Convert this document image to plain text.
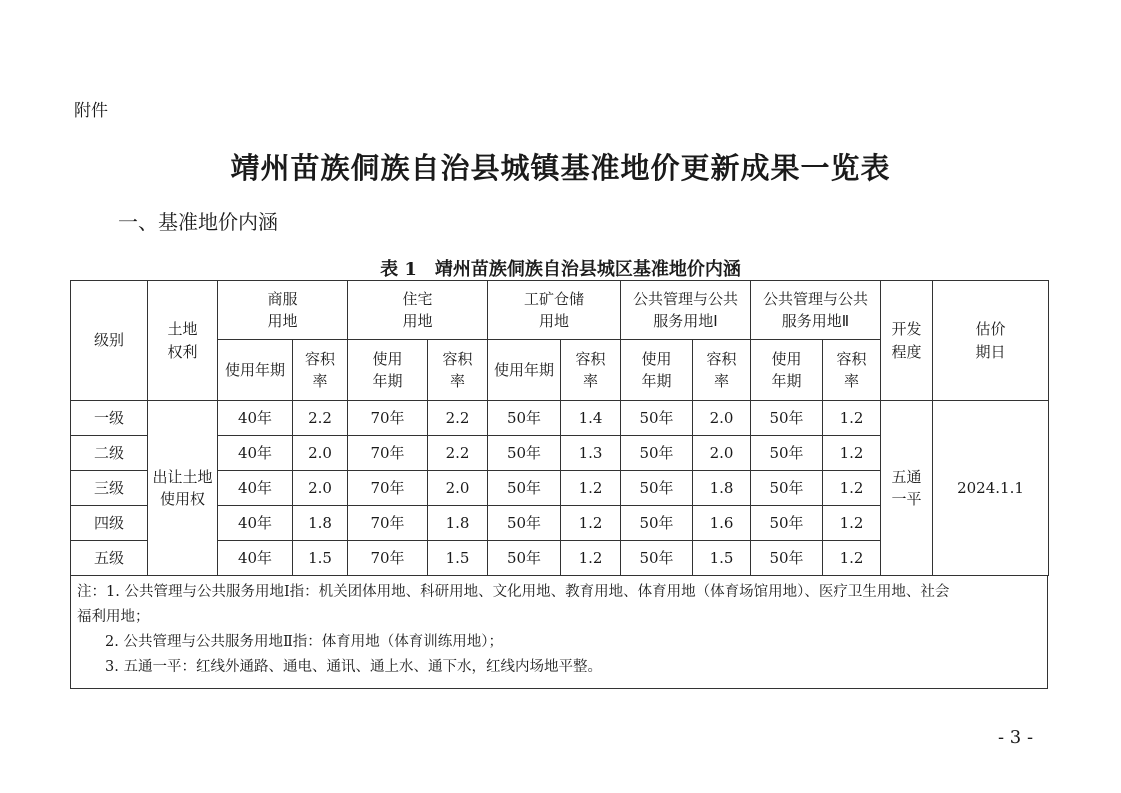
附件
靖州苗族侗族自治县城镇基准地价更新成果一览表
一、基准地价内涵
表 1　靖州苗族侗族自治县城区基准地价内涵
级别	土地权利	商服用地		住宅用地		工矿仓储用地		公共管理与公共服务用地Ⅰ		公共管理与公共服务用地Ⅱ		开发程度	估价期日

		使用年期	容积率	使用年期	容积率	使用年期	容积率	使用年期	容积率	使用年期	容积率		

一级	出让土地使用权	40年	2.2	70年	2.2	50年	1.4	50年	2.0	50年	1.2	五通一平	2024.1.1
二级		40年	2.0	70年	2.2	50年	1.3	50年	2.0	50年	1.2		
三级		40年	2.0	70年	2.0	50年	1.2	50年	1.8	50年	1.2		
四级		40年	1.8	70年	1.8	50年	1.2	50年	1.6	50年	1.2		
五级		40年	1.5	70年	1.5	50年	1.2	50年	1.5	50年	1.2		
注：1. 公共管理与公共服务用地Ⅰ指：机关团体用地、科研用地、文化用地、教育用地、体育用地（体育场馆用地）、医疗卫生用地、社会
福利用地；
2. 公共管理与公共服务用地Ⅱ指：体育用地（体育训练用地）；
3. 五通一平：红线外通路、通电、通讯、通上水、通下水，红线内场地平整。
- 3 -
